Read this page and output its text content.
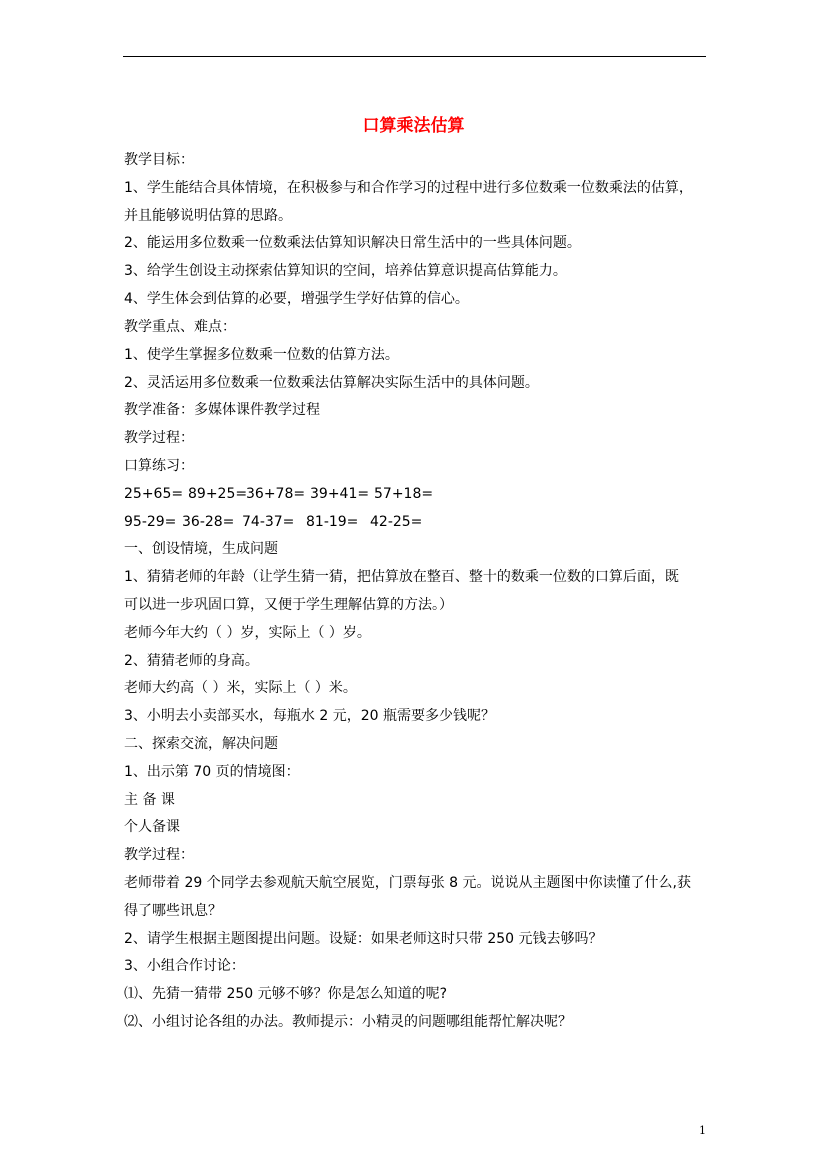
口算乘法估算

教学目标：

1、学生能结合具体情境，在积极参与和合作学习的过程中进行多位数乘一位数乘法的估算，

并且能够说明估算的思路。

2、能运用多位数乘一位数乘法估算知识解决日常生活中的一些具体问题。

3、给学生创设主动探索估算知识的空间，培养估算意识提高估算能力。

4、学生体会到估算的必要，增强学生学好估算的信心。

教学重点、难点：

1、使学生掌握多位数乘一位数的估算方法。

2、灵活运用多位数乘一位数乘法估算解决实际生活中的具体问题。

教学准备：多媒体课件教学过程

教学过程：

口算练习：

25+65= 89+25=36+78= 39+41= 57+18=

95-29= 36-28= 74-37= 81-19= 42-25=

一、创设情境，生成问题

1、猜猜老师的年龄（让学生猜一猜，把估算放在整百、整十的数乘一位数的口算后面，既

可以进一步巩固口算，又便于学生理解估算的方法。）

老师今年大约（ ）岁，实际上（ ）岁。

2、猜猜老师的身高。

老师大约高（ ）米，实际上（ ）米。

3、小明去小卖部买水，每瓶水 2 元，20 瓶需要多少钱呢？

二、探索交流，解决问题

1、出示第 70 页的情境图：

主 备 课

个人备课

教学过程：

老师带着 29 个同学去参观航天航空展览，门票每张 8 元。说说从主题图中你读懂了什么,获

得了哪些讯息？

2、请学生根据主题图提出问题。设疑：如果老师这时只带 250 元钱去够吗？

3、小组合作讨论：

⑴、先猜一猜带 250 元够不够？你是怎么知道的呢?

⑵、小组讨论各组的办法。教师提示：小精灵的问题哪组能帮忙解决呢？

1
